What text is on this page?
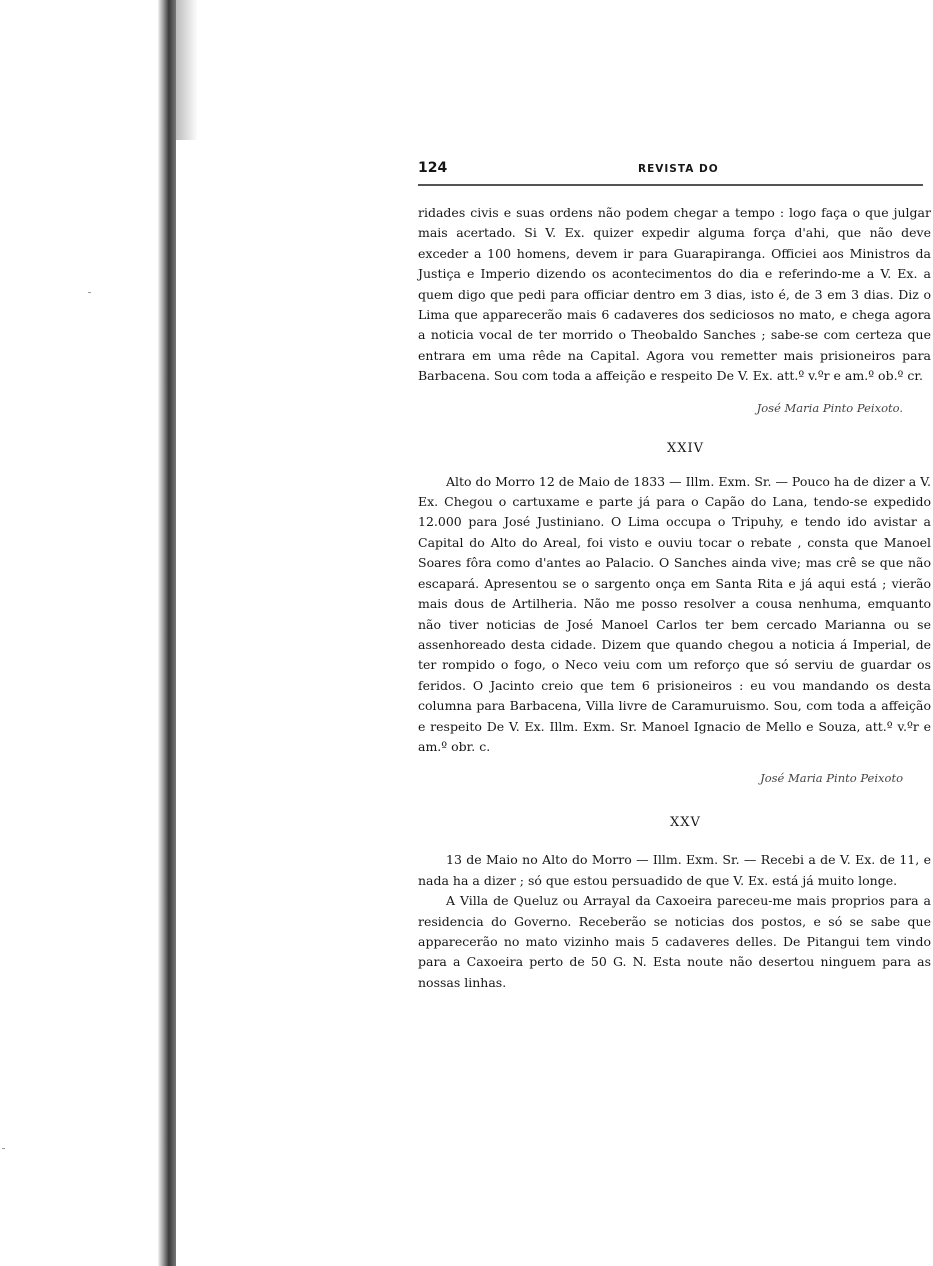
124	REVISTA DO

ridades civis e suas ordens não podem chegar a tempo : logo faça o que julgar mais acertado. Si V. Ex. quizer expedir alguma força d'ahi, que não deve exceder a 100 homens, devem ir para Guarapiranga. Officiei aos Ministros da Justiça e Imperio dizendo os acontecimentos do dia e referindo-me a V. Ex. a quem digo que pedi para officiar dentro em 3 dias, isto é, de 3 em 3 dias. Diz o Lima que apparecerão mais 6 cadaveres dos sediciosos no mato, e chega agora a noticia vocal de ter morrido o Theobaldo Sanches ; sabe-se com certeza que entrara em uma rêde na Capital. Agora vou remetter mais prisioneiros para Barbacena. Sou com toda a affeição e respeito De V. Ex. att.º v.ºr e am.º ob.º cr.

José Maria Pinto Peixoto.
XXIV

Alto do Morro 12 de Maio de 1833 — Illm. Exm. Sr. — Pouco ha de dizer a V. Ex. Chegou o cartuxame e parte já para o Capão do Lana, tendo-se expedido 12.000 para José Justiniano. O Lima occupa o Tripuhy, e tendo ido avistar a Capital do Alto do Areal, foi visto e ouviu tocar o rebate , consta que Manoel Soares fôra como d'antes ao Palacio. O Sanches ainda vive; mas crê se que não escapará. Apresentou se o sargento onça em Santa Rita e já aqui está ; vierão mais dous de Artilheria. Não me posso resolver a cousa nenhuma, emquanto não tiver noticias de José Manoel Carlos ter bem cercado Marianna ou se assenhoreado desta cidade. Dizem que quando chegou a noticia á Imperial, de ter rompido o fogo, o Neco veiu com um reforço que só serviu de guardar os feridos. O Jacinto creio que tem 6 prisioneiros : eu vou mandando os desta columna para Barbacena, Villa livre de Caramuruismo. Sou, com toda a affeição e respeito De V. Ex. Illm. Exm. Sr. Manoel Ignacio de Mello e Souza, att.º v.ºr e am.º obr. c.

José Maria Pinto Peixoto
XXV

13 de Maio no Alto do Morro — Illm. Exm. Sr. — Recebi a de V. Ex. de 11, e nada ha a dizer ; só que estou persuadido de que V. Ex. está já muito longe.

A Villa de Queluz ou Arrayal da Caxoeira pareceu-me mais proprios para a residencia do Governo. Receberão se noticias dos postos, e só se sabe que apparecerão no mato vizinho mais 5 cadaveres delles. De Pitangui tem vindo para a Caxoeira perto de 50 G. N. Esta noute não desertou ninguem para as nossas linhas.
